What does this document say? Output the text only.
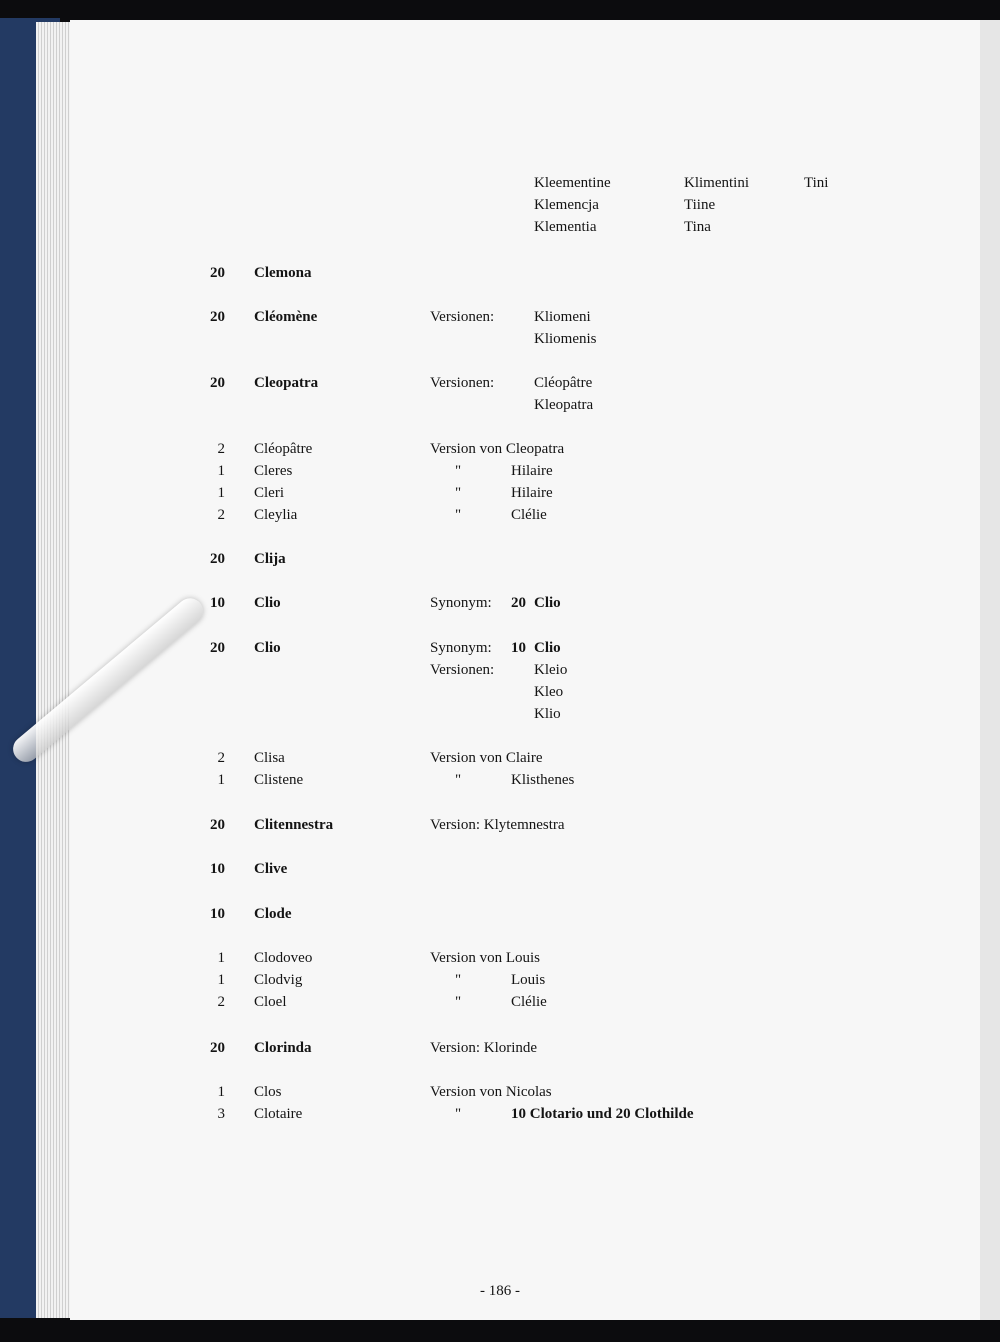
Kleementine	Klimentini	Tini
Klemencja	Tiine
Klementia	Tina
20 Clemona
20 Cléomène	Versionen:	Kliomeni
Kliomenis
20 Cleopatra	Versionen:	Cléopâtre
Kleopatra
2 Cléopâtre	Version von Cleopatra
1 Cleres	"	Hilaire
1 Cleri	"	Hilaire
2 Cleylia	"	Clélie
20 Clija
10 Clio	Synonym: 20 Clio
20 Clio	Synonym: 10 Clio
Versionen:	Kleio
Kleo
Klio
2 Clisa	Version von Claire
1 Clistene	"	Klisthenes
20 Clitennestra	Version: Klytemnestra
10 Clive
10 Clode
1 Clodoveo	Version von Louis
1 Clodvig	"	Louis
2 Cloel	"	Clélie
20 Clorinda	Version: Klorinde
1 Clos	Version von Nicolas
3 Clotaire	"	10 Clotario und 20 Clothilde
- 186 -
